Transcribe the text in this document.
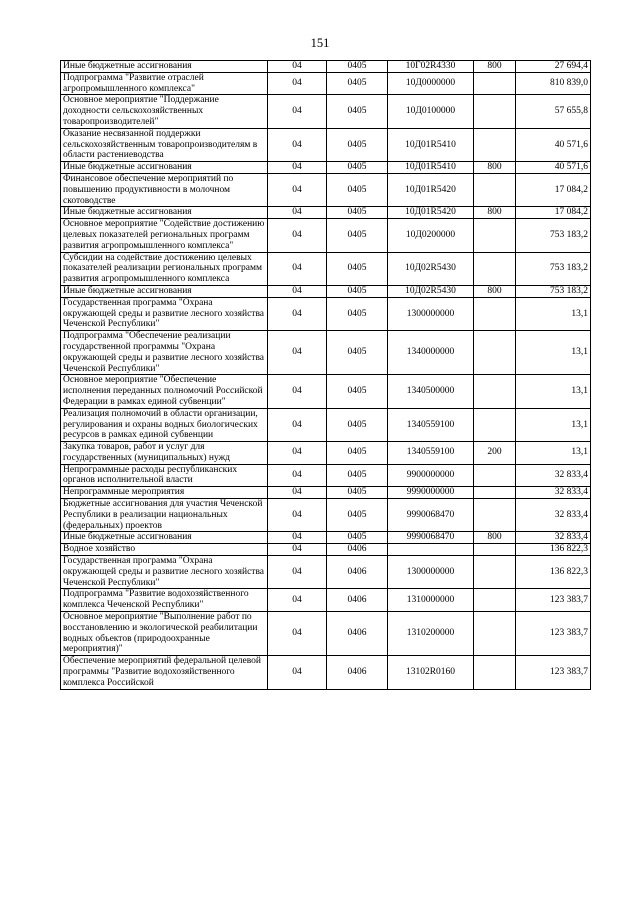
151
Иные бюджетные ассигнования	04	0405	10Г02R4330	800	27 694,4
Подпрограмма "Развитие отраслей агропромышленного комплекса"	04	0405	10Д0000000		810 839,0
Основное мероприятие "Поддержание доходности сельскохозяйственных товаропроизводителей"	04	0405	10Д0100000		57 655,8
Оказание несвязанной поддержки сельскохозяйственным товаропроизводителям в области растениеводства	04	0405	10Д01R5410		40 571,6
Иные бюджетные ассигнования	04	0405	10Д01R5410	800	40 571,6
Финансовое обеспечение мероприятий по повышению продуктивности в молочном скотоводстве	04	0405	10Д01R5420		17 084,2
Иные бюджетные ассигнования	04	0405	10Д01R5420	800	17 084,2
Основное мероприятие "Содействие достижению целевых показателей региональных программ развития агропромышленного комплекса"	04	0405	10Д0200000		753 183,2
Субсидии на содействие достижению целевых показателей реализации региональных программ развития агропромышленного комплекса	04	0405	10Д02R5430		753 183,2
Иные бюджетные ассигнования	04	0405	10Д02R5430	800	753 183,2
Государственная программа "Охрана окружающей среды и развитие лесного хозяйства Чеченской Республики"	04	0405	1300000000		13,1
Подпрограмма "Обеспечение реализации государственной программы "Охрана окружающей среды и развитие лесного хозяйства Чеченской Республики"	04	0405	1340000000		13,1
Основное мероприятие "Обеспечение исполнения переданных полномочий Российской Федерации в рамках единой субвенции"	04	0405	1340500000		13,1
Реализация полномочий в области организации, регулирования и охраны водных биологических ресурсов в рамках единой субвенции	04	0405	1340559100		13,1
Закупка товаров, работ и услуг для государственных (муниципальных) нужд	04	0405	1340559100	200	13,1
Непрограммные расходы республиканских органов исполнительной власти	04	0405	9900000000		32 833,4
Непрограммные мероприятия	04	0405	9990000000		32 833,4
Бюджетные ассигнования для участия Чеченской Республики в реализации национальных (федеральных) проектов	04	0405	9990068470		32 833,4
Иные бюджетные ассигнования	04	0405	9990068470	800	32 833,4
Водное хозяйство	04	0406			136 822,3
Государственная программа "Охрана окружающей среды и развитие лесного хозяйства Чеченской Республики"	04	0406	1300000000		136 822,3
Подпрограмма "Развитие водохозяйственного комплекса Чеченской Республики"	04	0406	1310000000		123 383,7
Основное мероприятие "Выполнение работ по восстановлению и экологической реабилитации водных объектов (природоохранные мероприятия)"	04	0406	1310200000		123 383,7
Обеспечение мероприятий федеральной целевой программы "Развитие водохозяйственного комплекса Российской	04	0406	13102R0160		123 383,7
